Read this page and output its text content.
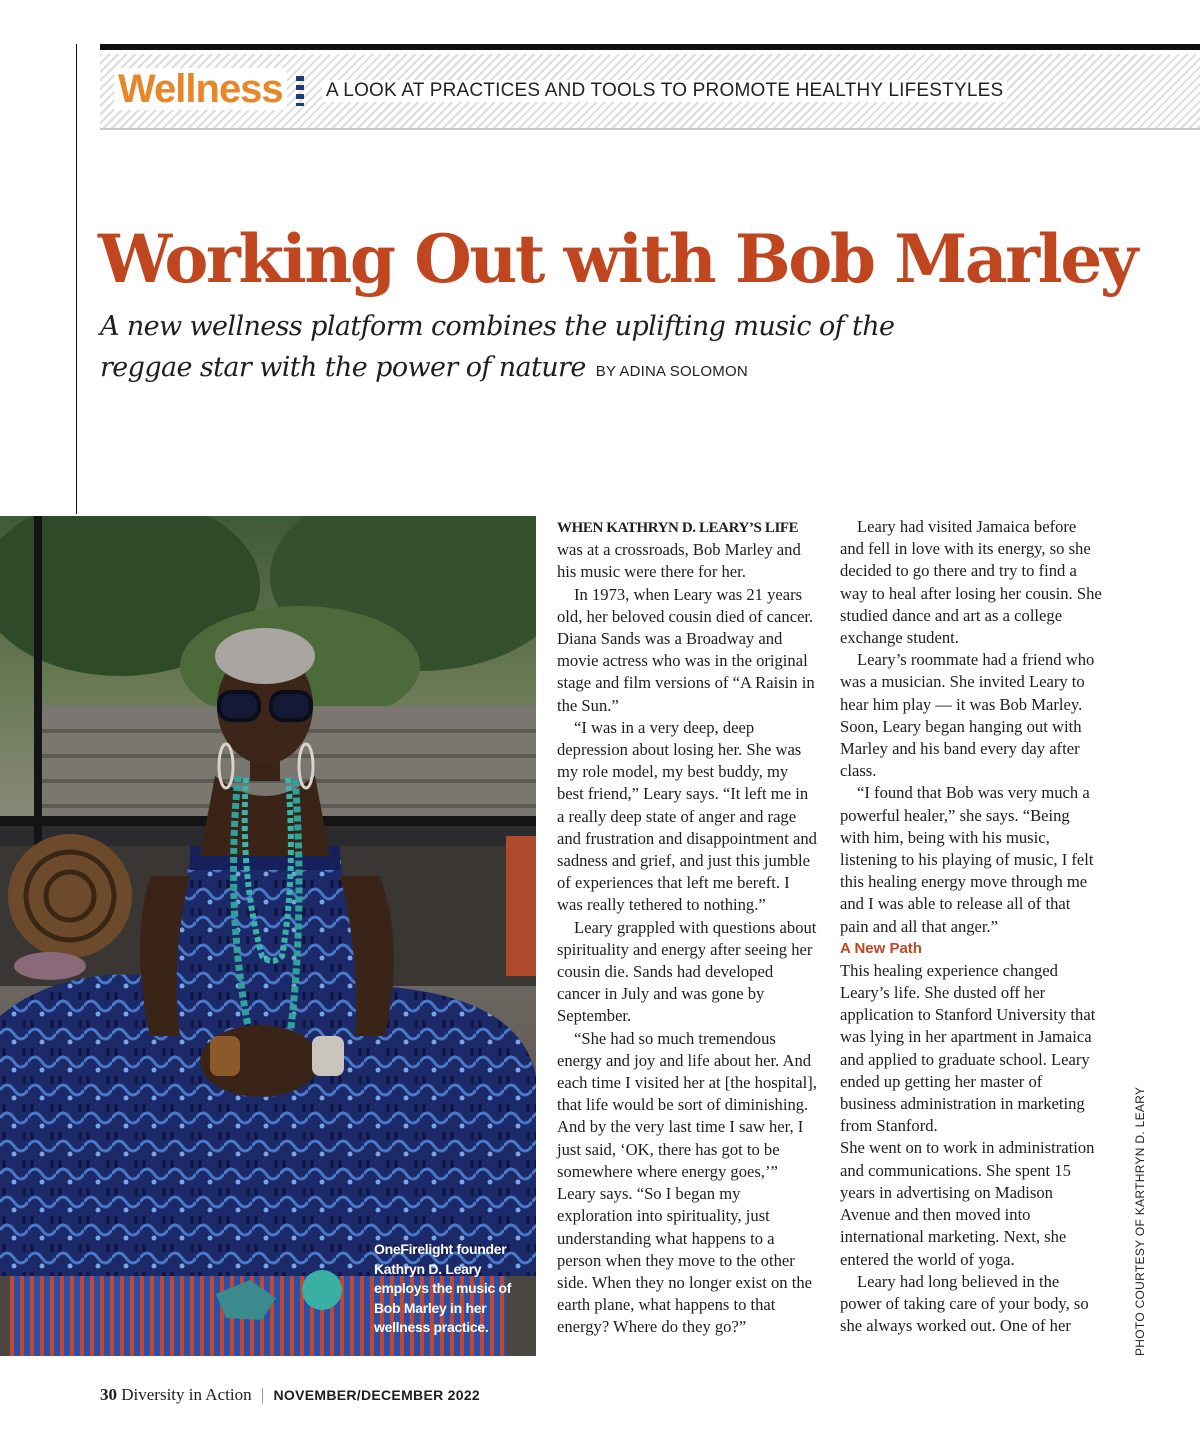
Wellness A LOOK AT PRACTICES AND TOOLS TO PROMOTE HEALTHY LIFESTYLES
Working Out with Bob Marley
A new wellness platform combines the uplifting music of the
reggae star with the power of nature BY ADINA SOLOMON
OneFirelight founder Kathryn D. Leary employs the music of Bob Marley in her wellness practice.

WHEN KATHRYN D. LEARY’S LIFE was at a crossroads, Bob Marley and his music were there for her.

In 1973, when Leary was 21 years old, her beloved cousin died of cancer. Diana Sands was a Broadway and movie actress who was in the original stage and film versions of “A Raisin in the Sun.”

“I was in a very deep, deep depression about losing her. She was my role model, my best buddy, my best friend,” Leary says. “It left me in a really deep state of anger and rage and frustration and disappointment and sadness and grief, and just this jumble of experiences that left me bereft. I was really tethered to nothing.”

Leary grappled with questions about spirituality and energy after seeing her cousin die. Sands had developed cancer in July and was gone by September.

“She had so much tremendous energy and joy and life about her. And each time I visited her at [the hospital], that life would be sort of diminishing. And by the very last time I saw her, I just said, ‘OK, there has got to be somewhere where energy goes,’” Leary says. “So I began my exploration into spirituality, just understanding what happens to a person when they move to the other side. When they no longer exist on the earth plane, what happens to that energy? Where do they go?”

Leary had visited Jamaica before and fell in love with its energy, so she decided to go there and try to find a way to heal after losing her cousin. She studied dance and art as a college exchange student.

Leary’s roommate had a friend who was a musician. She invited Leary to hear him play — it was Bob Marley. Soon, Leary began hanging out with Marley and his band every day after class.

“I found that Bob was very much a powerful healer,” she says. “Being with him, being with his music, listening to his playing of music, I felt this healing energy move through me and I was able to release all of that pain and all that anger.”

A New Path

This healing experience changed Leary’s life. She dusted off her application to Stanford University that was lying in her apartment in Jamaica and applied to graduate school. Leary ended up getting her master of business administration in marketing from Stanford.

She went on to work in administration and communications. She spent 15 years in advertising on Madison Avenue and then moved into international marketing. Next, she entered the world of yoga.

Leary had long believed in the power of taking care of your body, so she always worked out. One of her	PHOTO COURTESY OF KARTHRYN D. LEARY
30 Diversity in Action | NOVEMBER/DECEMBER 2022
